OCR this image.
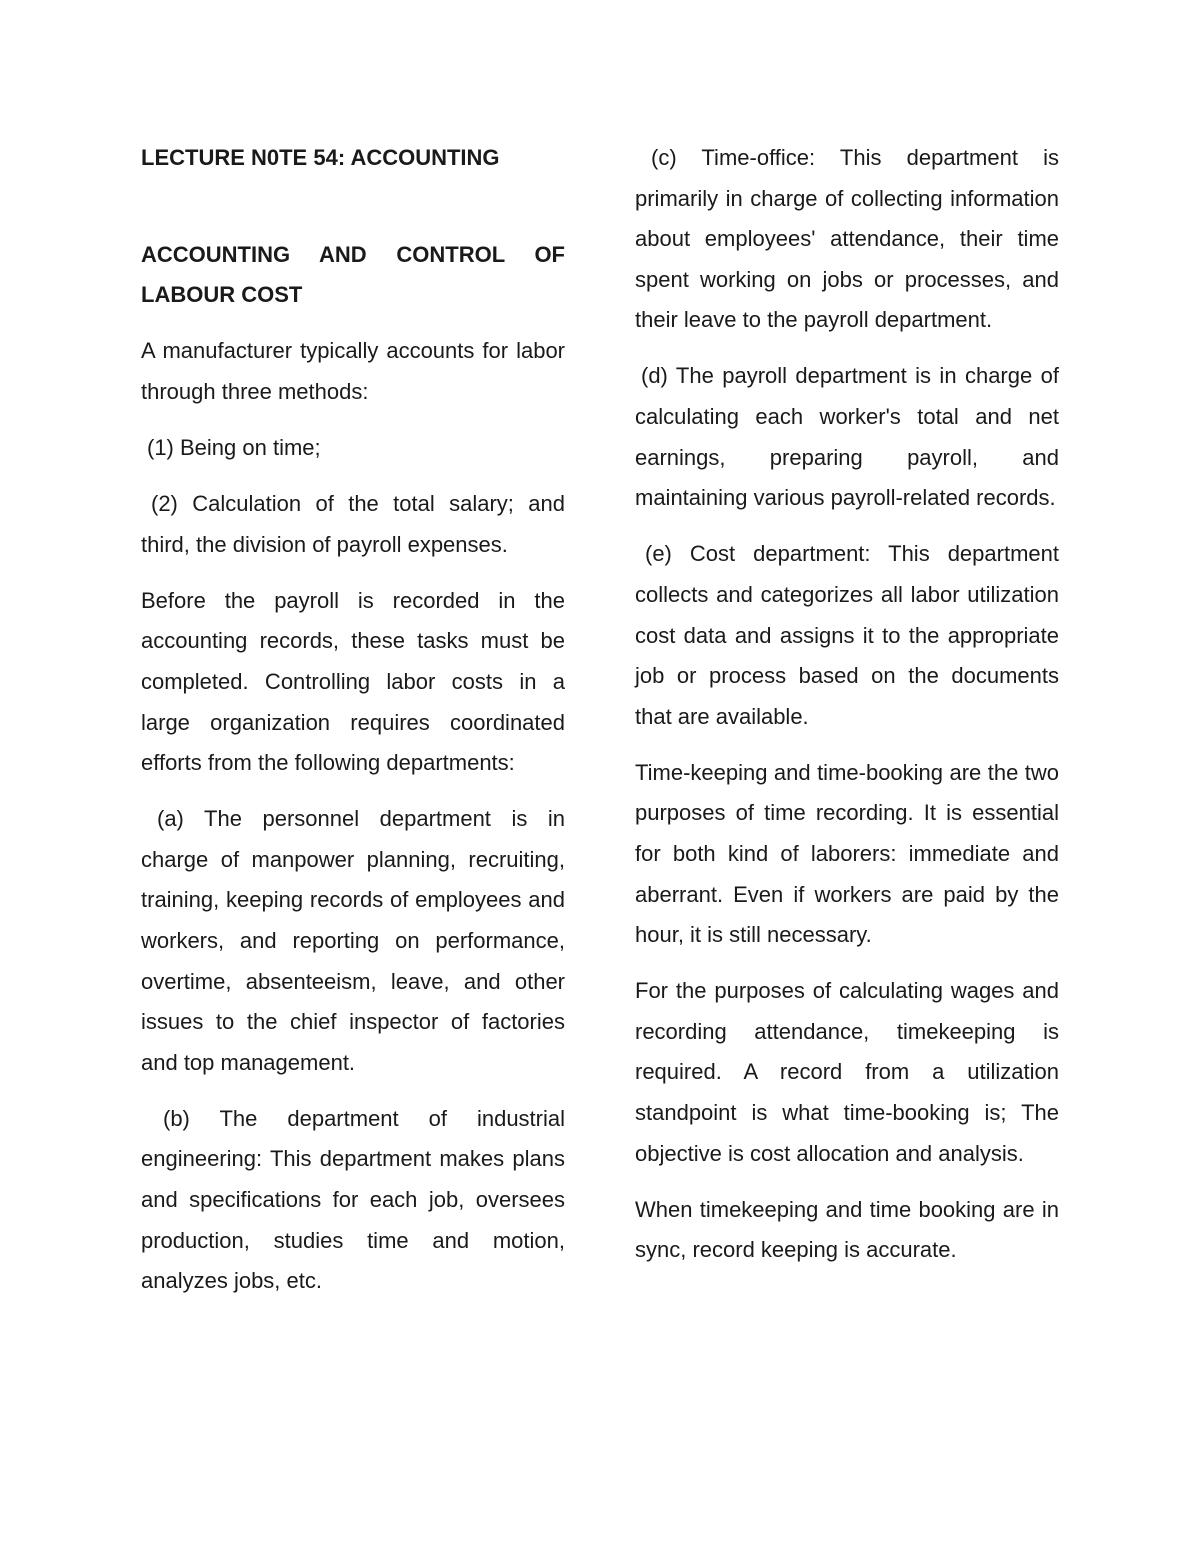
LECTURE N0TE 54: ACCOUNTING

ACCOUNTING AND CONTROL OF LABOUR COST

A manufacturer typically accounts for labor through three methods:

(1) Being on time;

(2) Calculation of the total salary; and third, the division of payroll expenses.

Before the payroll is recorded in the accounting records, these tasks must be completed. Controlling labor costs in a large organization requires coordinated efforts from the following departments:

(a) The personnel department is in charge of manpower planning, recruiting, training, keeping records of employees and workers, and reporting on performance, overtime, absenteeism, leave, and other issues to the chief inspector of factories and top management.

(b) The department of industrial engineering: This department makes plans and specifications for each job, oversees production, studies time and motion, analyzes jobs, etc.

(c) Time-office: This department is primarily in charge of collecting information about employees' attendance, their time spent working on jobs or processes, and their leave to the payroll department.

(d) The payroll department is in charge of calculating each worker's total and net earnings, preparing payroll, and maintaining various payroll-related records.

(e) Cost department: This department collects and categorizes all labor utilization cost data and assigns it to the appropriate job or process based on the documents that are available.

Time-keeping and time-booking are the two purposes of time recording. It is essential for both kind of laborers: immediate and aberrant. Even if workers are paid by the hour, it is still necessary.

For the purposes of calculating wages and recording attendance, timekeeping is required. A record from a utilization standpoint is what time-booking is; The objective is cost allocation and analysis.

When timekeeping and time booking are in sync, record keeping is accurate.
